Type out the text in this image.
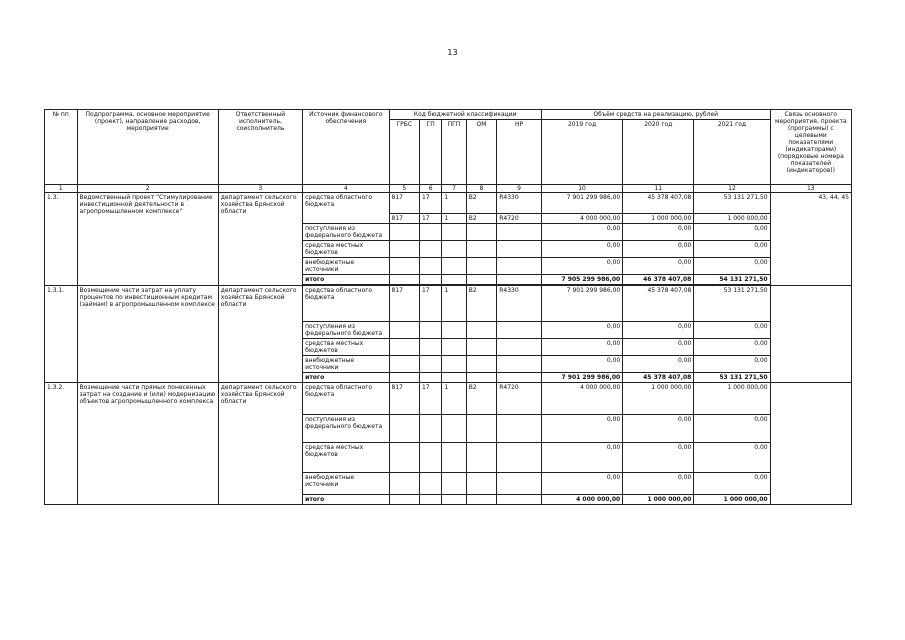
13
№ пп	Подпрограмма, основное мероприятие (проект), направление расходов, мероприятие	Ответственный исполнитель, соисполнитель	Источник финансового обеспечения	Код бюджетной классификации					Объём средств на реализацию, рублей			Связь основного мероприятия, проекта (программы) с целевыми показателями (индикаторами) (порядковые номера показателей (индикаторов))
				ГРБС	ГП	ПГП	ОМ	НР	2019 год	2020 год	2021 год	
1	2	3	4	5	6	7	8	9	10	11	12	13
1.3.	Ведомственный проект "Стимулирование инвестиционной деятельности в агропромышленном комплексе"	департамент сельского хозяйства Брянской области	средства областного бюджета	817	17	1	B2	R4330	7 901 299 986,00	45 378 407,08	53 131 271,50	43, 44, 45
				817	17	1	B2	R4720	4 000 000,00	1 000 000,00	1 000 000,00	
			поступления из федерального бюджета						0,00	0,00	0,00	
			средства местных бюджетов						0,00	0,00	0,00	
			внебюджетные источники						0,00	0,00	0,00	
			итого						7 905 299 986,00	46 378 407,08	54 131 271,50	

1.3.1.	Возмещение части затрат на уплату процентов по инвестиционным кредитам (займам) в агропромышленном комплексе	департамент сельского хозяйства Брянской области	средства областного бюджета	817	17	1	B2	R4330	7 901 299 986,00	45 378 407,08	53 131 271,50	
			поступления из федерального бюджета						0,00	0,00	0,00	
			средства местных бюджетов						0,00	0,00	0,00	
			внебюджетные источники						0,00	0,00	0,00	
			итого						7 901 299 986,00	45 378 407,08	53 131 271,50	
1.3.2.	Возмещение части прямых понесенных затрат на создание и (или) модернизацию объектов агропромышленного комплекса	департамент сельского хозяйства Брянской области	средства областного бюджета	817	17	1	B2	R4720	4 000 000,00	1 000 000,00	1 000 000,00	
			поступления из федерального бюджета						0,00	0,00	0,00	
			средства местных бюджетов						0,00	0,00	0,00	
			внебюджетные источники						0,00	0,00	0,00	
			итого						4 000 000,00	1 000 000,00	1 000 000,00	
